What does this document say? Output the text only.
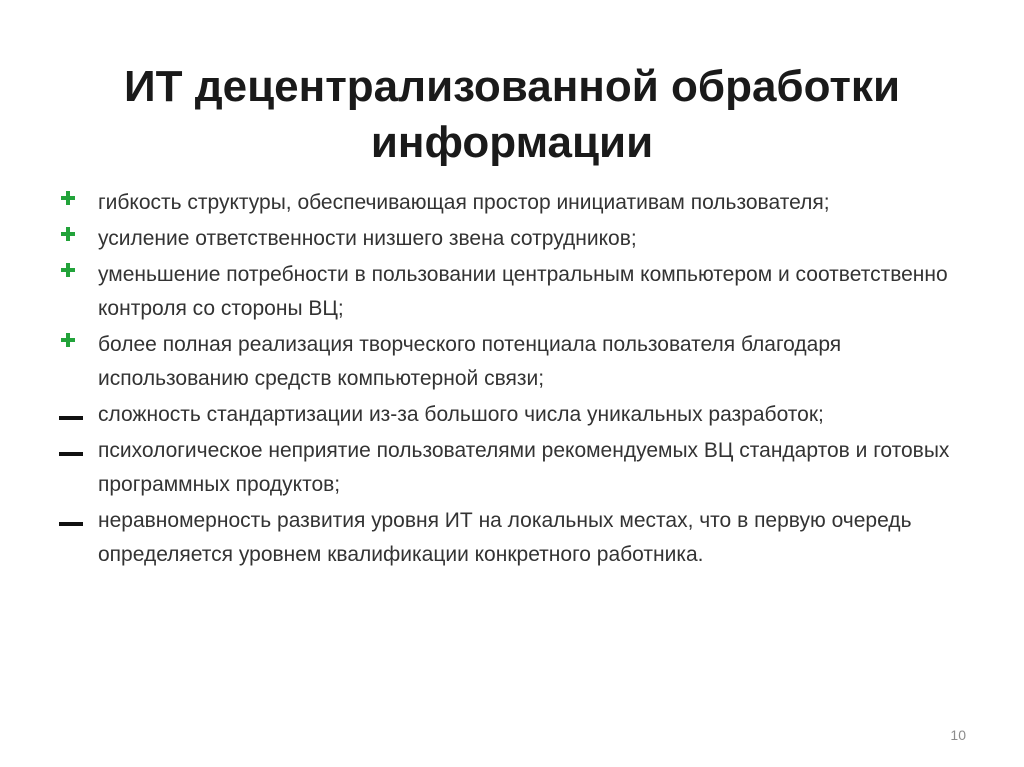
ИТ децентрализованной обработки
информации
гибкость структуры, обеспечивающая простор инициативам пользователя;
усиление ответственности низшего звена сотрудников;
уменьшение потребности в пользовании центральным компьютером и соответственно контроля со стороны ВЦ;
более полная реализация творческого потенциала пользователя благодаря использованию средств компьютерной связи;
сложность стандартизации из-за большого числа уникальных разработок;
психологическое неприятие пользователями рекомендуемых ВЦ стандартов и готовых программных продуктов;
неравномерность развития уровня ИТ на локальных местах, что в первую очередь определяется уровнем квалификации конкретного работника.
10
